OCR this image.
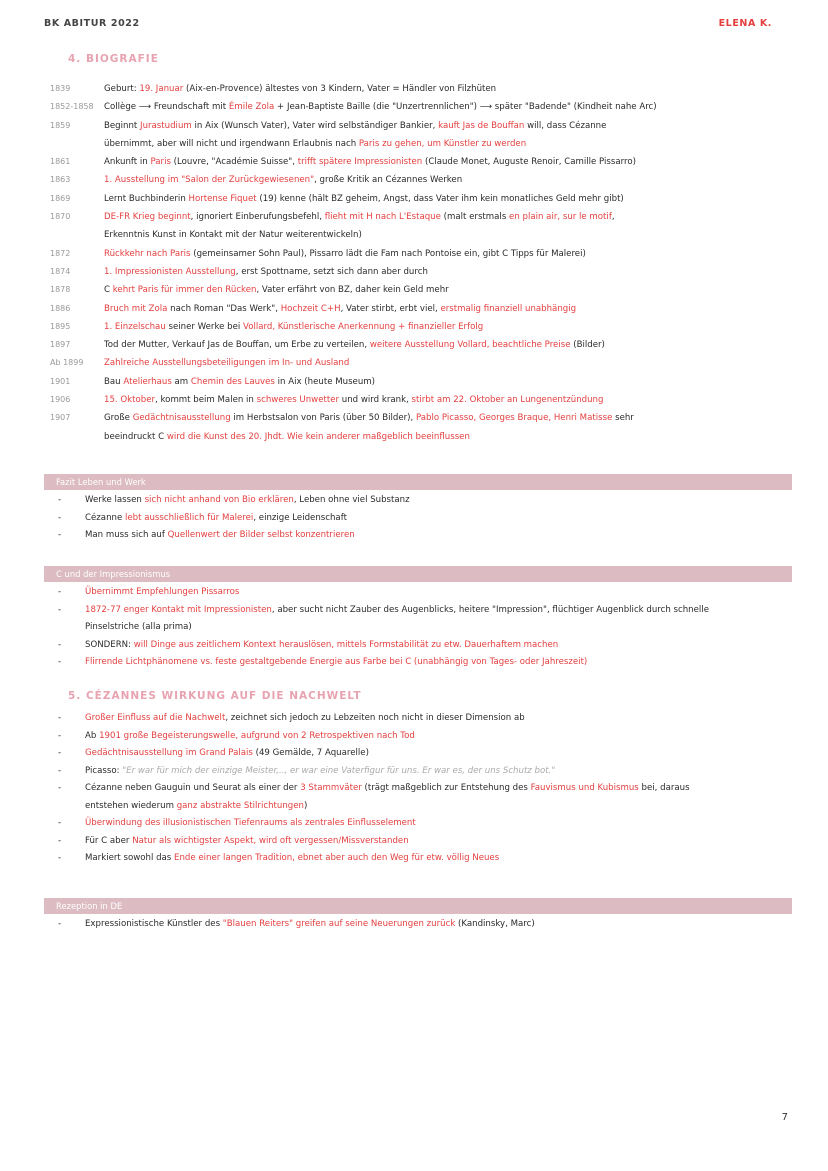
BK ABITUR 2022	ELENA K.
4. BIOGRAFIE
1839	Geburt: 19. Januar (Aix-en-Provence) ältestes von 3 Kindern, Vater = Händler von Filzhüten
1852-1858	Collège ⟶ Freundschaft mit Émile Zola + Jean-Baptiste Baille (die "Unzertrennlichen") ⟶ später "Badende" (Kindheit nahe Arc)
1859	Beginnt Jurastudium in Aix (Wunsch Vater), Vater wird selbständiger Bankier, kauft Jas de Bouffan will, dass Cézanne
übernimmt, aber will nicht und irgendwann Erlaubnis nach Paris zu gehen, um Künstler zu werden
1861	Ankunft in Paris (Louvre, "Académie Suisse", trifft spätere Impressionisten (Claude Monet, Auguste Renoir, Camille Pissarro)
1863	1. Ausstellung im "Salon der Zurückgewiesenen", große Kritik an Cézannes Werken
1869	Lernt Buchbinderin Hortense Fiquet (19) kenne (hält BZ geheim, Angst, dass Vater ihm kein monatliches Geld mehr gibt)
1870	DE-FR Krieg beginnt, ignoriert Einberufungsbefehl, flieht mit H nach L'Estaque (malt erstmals en plain air, sur le motif,
Erkenntnis Kunst in Kontakt mit der Natur weiterentwickeln)
1872	Rückkehr nach Paris (gemeinsamer Sohn Paul), Pissarro lädt die Fam nach Pontoise ein, gibt C Tipps für Malerei)
1874	1. Impressionisten Ausstellung, erst Spottname, setzt sich dann aber durch
1878	C kehrt Paris für immer den Rücken, Vater erfährt von BZ, daher kein Geld mehr
1886	Bruch mit Zola nach Roman "Das Werk", Hochzeit C+H, Vater stirbt, erbt viel, erstmalig finanziell unabhängig
1895	1. Einzelschau seiner Werke bei Vollard, Künstlerische Anerkennung + finanzieller Erfolg
1897	Tod der Mutter, Verkauf Jas de Bouffan, um Erbe zu verteilen, weitere Ausstellung Vollard, beachtliche Preise (Bilder)
Ab 1899	Zahlreiche Ausstellungsbeteiligungen im In- und Ausland
1901	Bau Atelierhaus am Chemin des Lauves in Aix (heute Museum)
1906	15. Oktober, kommt beim Malen in schweres Unwetter und wird krank, stirbt am 22. Oktober an Lungenentzündung
1907	Große Gedächtnisausstellung im Herbstsalon von Paris (über 50 Bilder), Pablo Picasso, Georges Braque, Henri Matisse sehr
beeindruckt C wird die Kunst des 20. Jhdt. Wie kein anderer maßgeblich beeinflussen
Fazit Leben und Werk
-	Werke lassen sich nicht anhand von Bio erklären, Leben ohne viel Substanz
-	Cézanne lebt ausschließlich für Malerei, einzige Leidenschaft
-	Man muss sich auf Quellenwert der Bilder selbst konzentrieren
C und der Impressionismus
-	Übernimmt Empfehlungen Pissarros
-	1872-77 enger Kontakt mit Impressionisten, aber sucht nicht Zauber des Augenblicks, heitere "Impression", flüchtiger Augenblick durch schnelle
Pinselstriche (alla prima)
-	SONDERN: will Dinge aus zeitlichem Kontext herauslösen, mittels Formstabilität zu etw. Dauerhaftem machen
-	Flirrende Lichtphänomene vs. feste gestaltgebende Energie aus Farbe bei C (unabhängig von Tages- oder Jahreszeit)
5. CÉZANNES WIRKUNG AUF DIE NACHWELT
-	Großer Einfluss auf die Nachwelt, zeichnet sich jedoch zu Lebzeiten noch nicht in dieser Dimension ab
-	Ab 1901 große Begeisterungswelle, aufgrund von 2 Retrospektiven nach Tod
-	Gedächtnisausstellung im Grand Palais (49 Gemälde, 7 Aquarelle)
-	Picasso: "Er war für mich der einzige Meister,.., er war eine Vaterfigur für uns. Er war es, der uns Schutz bot."
-	Cézanne neben Gauguin und Seurat als einer der 3 Stammväter (trägt maßgeblich zur Entstehung des Fauvismus und Kubismus bei, daraus
entstehen wiederum ganz abstrakte Stilrichtungen)
-	Überwindung des illusionistischen Tiefenraums als zentrales Einflusselement
-	Für C aber Natur als wichtigster Aspekt, wird oft vergessen/Missverstanden
-	Markiert sowohl das Ende einer langen Tradition, ebnet aber auch den Weg für etw. völlig Neues
Rezeption in DE
-	Expressionistische Künstler des "Blauen Reiters" greifen auf seine Neuerungen zurück (Kandinsky, Marc)
7
